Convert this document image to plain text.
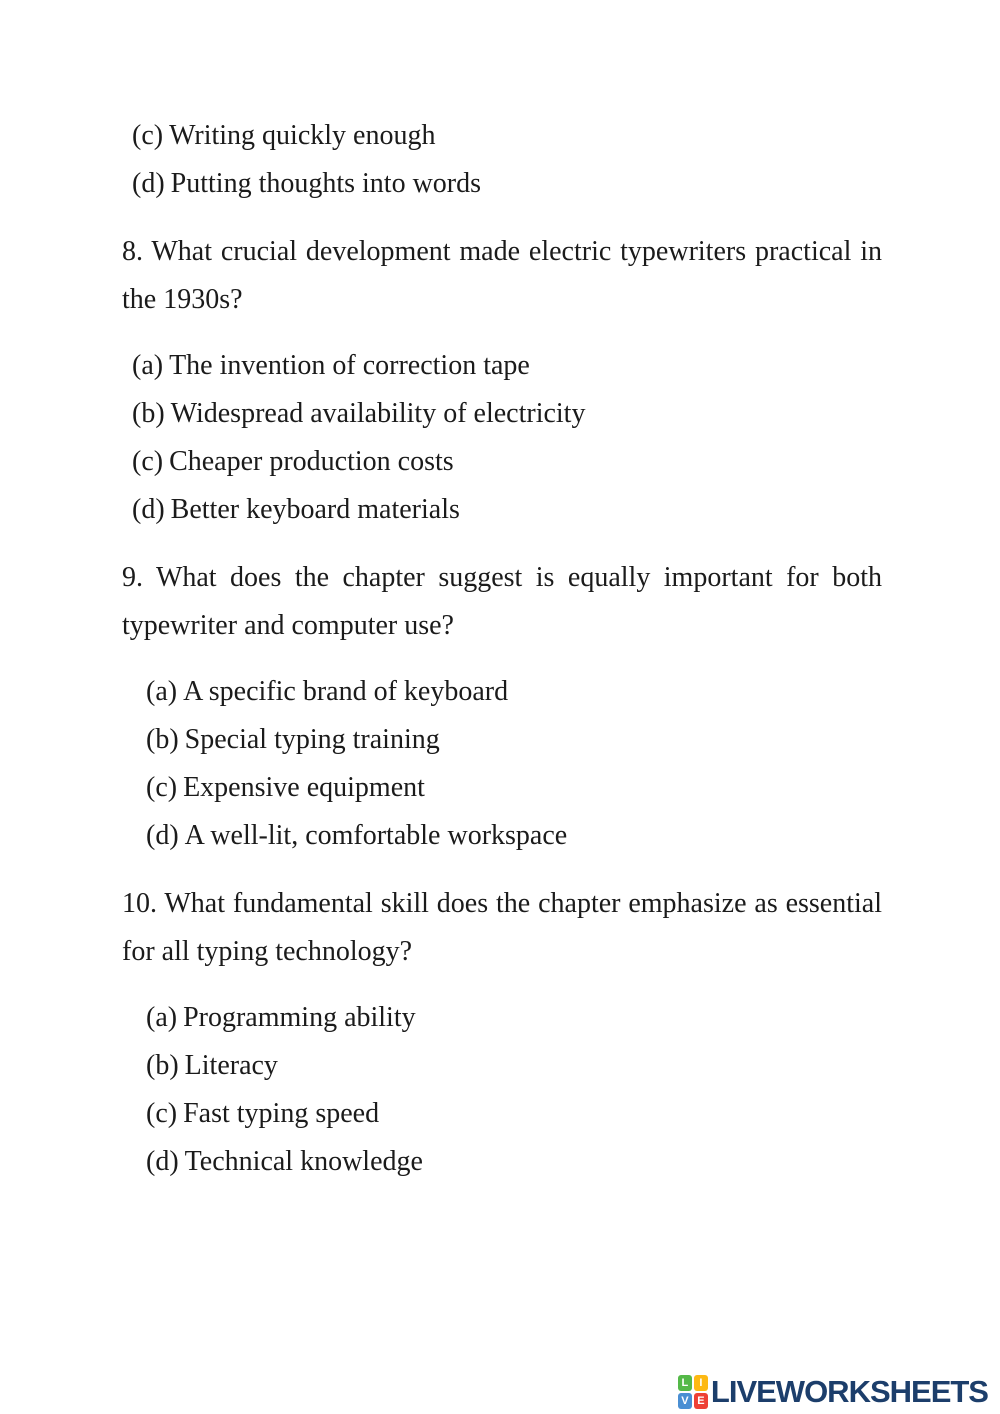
(c) Writing quickly enough
(d) Putting thoughts into words

8. What crucial development made electric typewriters practical in the 1930s?

(a) The invention of correction tape
(b) Widespread availability of electricity
(c) Cheaper production costs
(d) Better keyboard materials

9. What does the chapter suggest is equally important for both typewriter and computer use?

(a) A specific brand of keyboard
(b) Special typing training
(c) Expensive equipment
(d) A well-lit, comfortable workspace

10. What fundamental skill does the chapter emphasize as essential for all typing technology?

(a) Programming ability
(b) Literacy
(c) Fast typing speed
(d) Technical knowledge
L	I
V E LIVEWORKSHEETS
